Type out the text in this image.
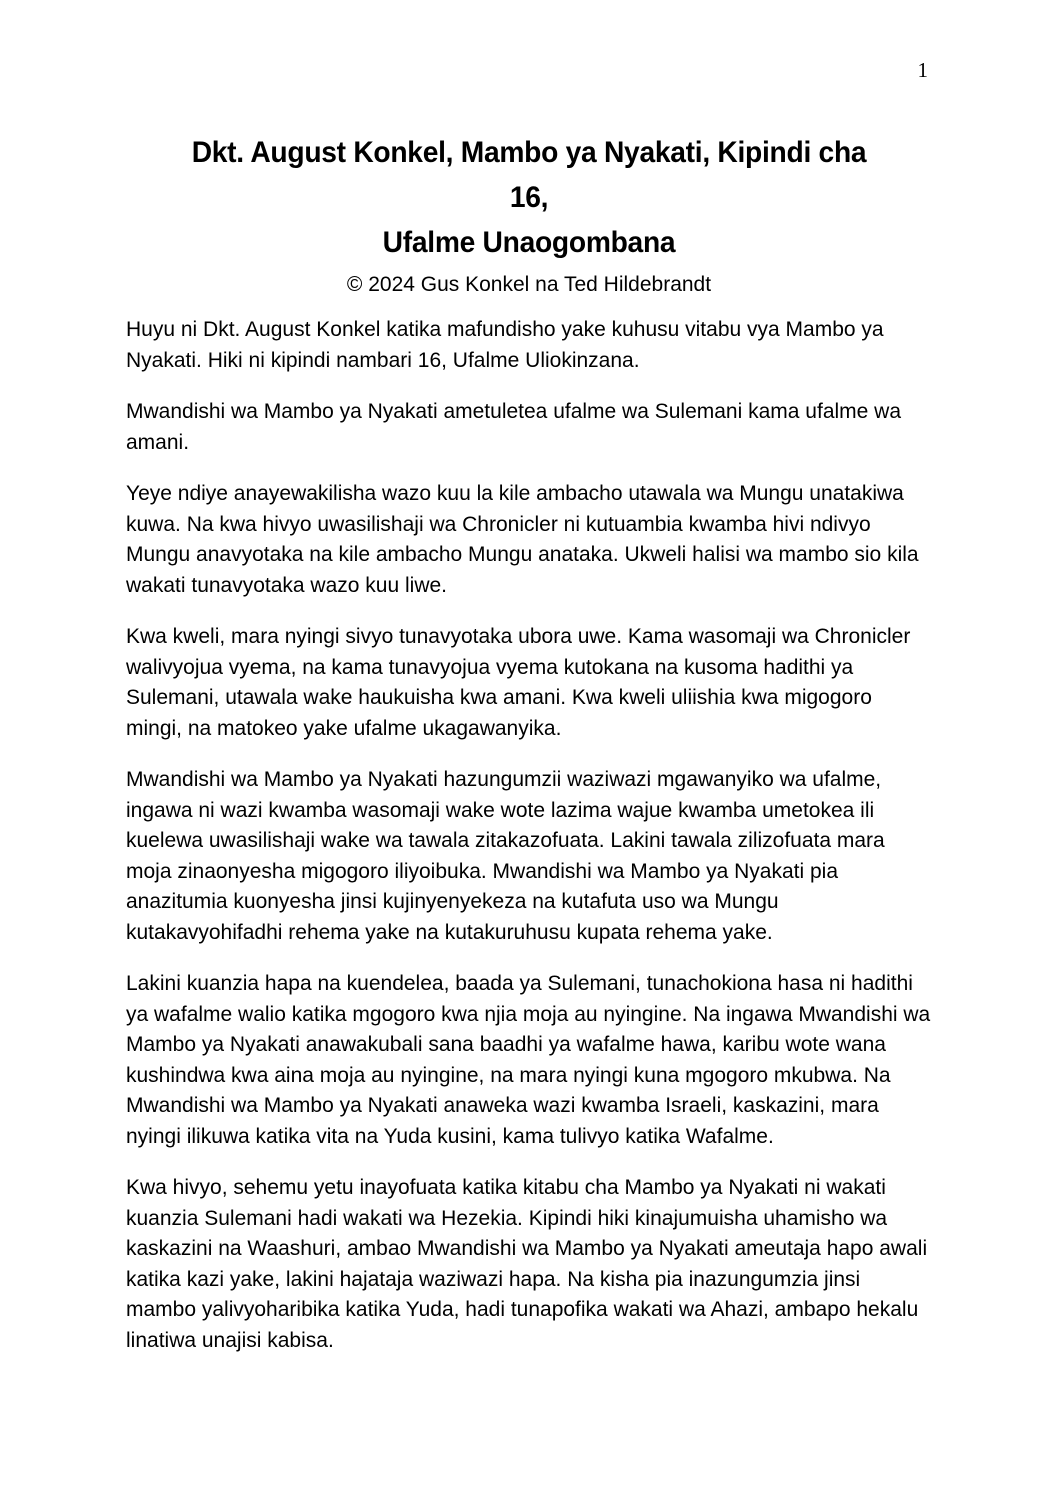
1
Dkt. August Konkel, Mambo ya Nyakati, Kipindi cha
16,
Ufalme Unaogombana
© 2024 Gus Konkel na Ted Hildebrandt

Huyu ni Dkt. August Konkel katika mafundisho yake kuhusu vitabu vya Mambo ya Nyakati. Hiki ni kipindi nambari 16, Ufalme Uliokinzana.

Mwandishi wa Mambo ya Nyakati ametuletea ufalme wa Sulemani kama ufalme wa amani.

Yeye ndiye anayewakilisha wazo kuu la kile ambacho utawala wa Mungu unatakiwa kuwa. Na kwa hivyo uwasilishaji wa Chronicler ni kutuambia kwamba hivi ndivyo Mungu anavyotaka na kile ambacho Mungu anataka. Ukweli halisi wa mambo sio kila wakati tunavyotaka wazo kuu liwe.

Kwa kweli, mara nyingi sivyo tunavyotaka ubora uwe. Kama wasomaji wa Chronicler walivyojua vyema, na kama tunavyojua vyema kutokana na kusoma hadithi ya Sulemani, utawala wake haukuisha kwa amani. Kwa kweli uliishia kwa migogoro mingi, na matokeo yake ufalme ukagawanyika.

Mwandishi wa Mambo ya Nyakati hazungumzii waziwazi mgawanyiko wa ufalme, ingawa ni wazi kwamba wasomaji wake wote lazima wajue kwamba umetokea ili kuelewa uwasilishaji wake wa tawala zitakazofuata. Lakini tawala zilizofuata mara moja zinaonyesha migogoro iliyoibuka. Mwandishi wa Mambo ya Nyakati pia anazitumia kuonyesha jinsi kujinyenyekeza na kutafuta uso wa Mungu kutakavyohifadhi rehema yake na kutakuruhusu kupata rehema yake.

Lakini kuanzia hapa na kuendelea, baada ya Sulemani, tunachokiona hasa ni hadithi ya wafalme walio katika mgogoro kwa njia moja au nyingine. Na ingawa Mwandishi wa Mambo ya Nyakati anawakubali sana baadhi ya wafalme hawa, karibu wote wana kushindwa kwa aina moja au nyingine, na mara nyingi kuna mgogoro mkubwa. Na Mwandishi wa Mambo ya Nyakati anaweka wazi kwamba Israeli, kaskazini, mara nyingi ilikuwa katika vita na Yuda kusini, kama tulivyo katika Wafalme.

Kwa hivyo, sehemu yetu inayofuata katika kitabu cha Mambo ya Nyakati ni wakati kuanzia Sulemani hadi wakati wa Hezekia. Kipindi hiki kinajumuisha uhamisho wa kaskazini na Waashuri, ambao Mwandishi wa Mambo ya Nyakati ameutaja hapo awali katika kazi yake, lakini hajataja waziwazi hapa. Na kisha pia inazungumzia jinsi mambo yalivyoharibika katika Yuda, hadi tunapofika wakati wa Ahazi, ambapo hekalu linatiwa unajisi kabisa.
